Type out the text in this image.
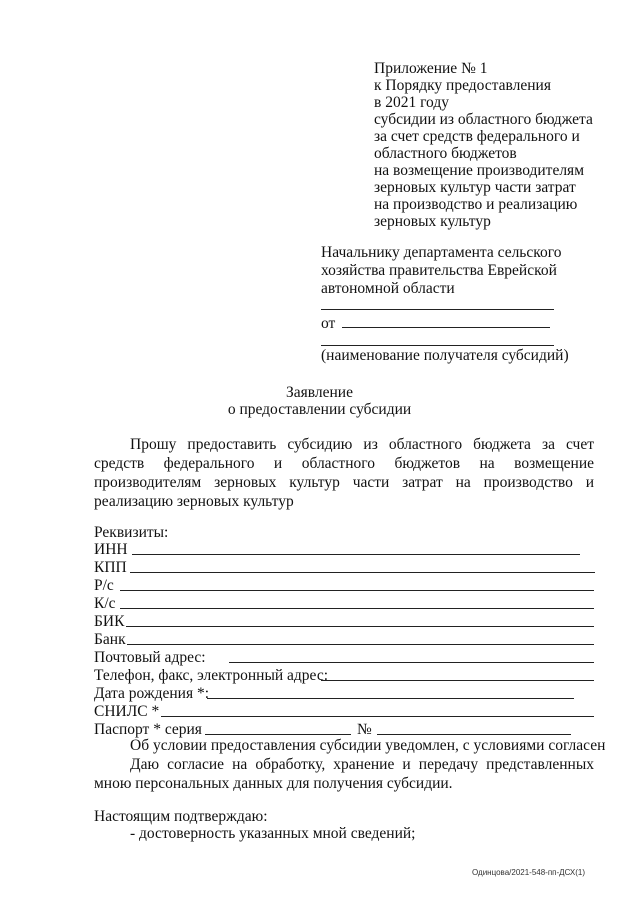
Приложение № 1
к Порядку предоставления
в 2021 году
субсидии из областного бюджета
за счет средств федерального и
областного бюджетов
на возмещение производителям
зерновых культур части затрат
на производство и реализацию
зерновых культур
Начальнику департамента сельского
хозяйства правительства Еврейской
автономной области
от
(наименование получателя субсидий)
Заявление
о предоставлении субсидии
Прошу предоставить субсидию из областного бюджета за счет средств федерального и областного бюджетов на возмещение производителям зерновых культур части затрат на производство и реализацию зерновых культур
Реквизиты:
ИНН
КПП
Р/с
К/с
БИК
Банк
Почтовый адрес:
Телефон, факс, электронный адрес:
Дата рождения *:
СНИЛС *
Паспорт * серия	№
Об условии предоставления субсидии уведомлен, с условиями согласен
Даю согласие на обработку, хранение и передачу представленных мною персональных данных для получения субсидии.
Настоящим подтверждаю:
- достоверность указанных мной сведений;
Одинцова/2021-548-пп-ДСХ(1)
